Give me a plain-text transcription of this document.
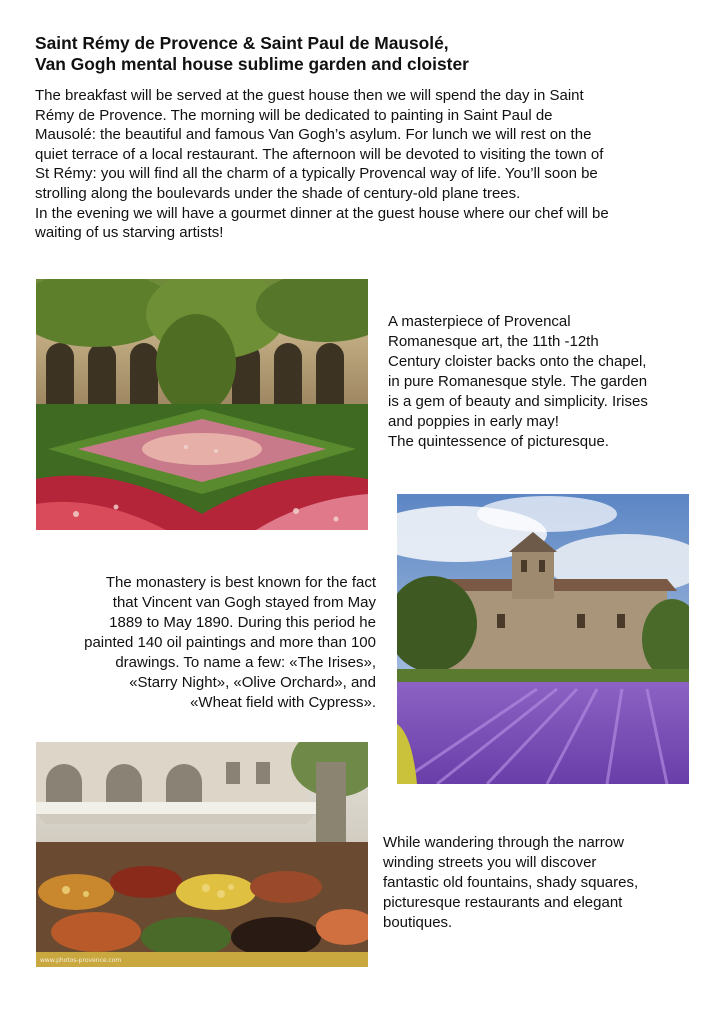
Saint Rémy de Provence & Saint Paul de Mausolé,
Van Gogh mental house sublime garden and cloister
The breakfast will be served at the guest house then we will spend the day in Saint
Rémy de Provence. The morning will be dedicated to painting in Saint Paul de
Mausolé: the beautiful and famous Van Gogh’s asylum. For lunch we will rest on the
quiet terrace of a local restaurant. The afternoon will be devoted to visiting the town of
St Rémy: you will find all the charm of a typically Provencal way of life. You’ll soon be
strolling along the boulevards under the shade of century-old plane trees.
In the evening we will have a gourmet dinner at the guest house where our chef will be
waiting of us starving artists!
A masterpiece of Provencal
Romanesque art, the 11th -12th
Century cloister backs onto the chapel,
in pure Romanesque style. The garden
is a gem of beauty and simplicity. Irises
and poppies in early may!
The quintessence of picturesque.
The monastery is best known for the fact
that Vincent van Gogh stayed from May
1889 to May 1890. During this period he
painted 140 oil paintings and more than 100
drawings. To name a few: «The Irises»,
«Starry Night», «Olive Orchard», and
«Wheat field with Cypress».
www.photos-provence.com
While wandering through the narrow
winding streets you will discover
fantastic old fountains, shady squares,
picturesque restaurants and elegant
boutiques.
